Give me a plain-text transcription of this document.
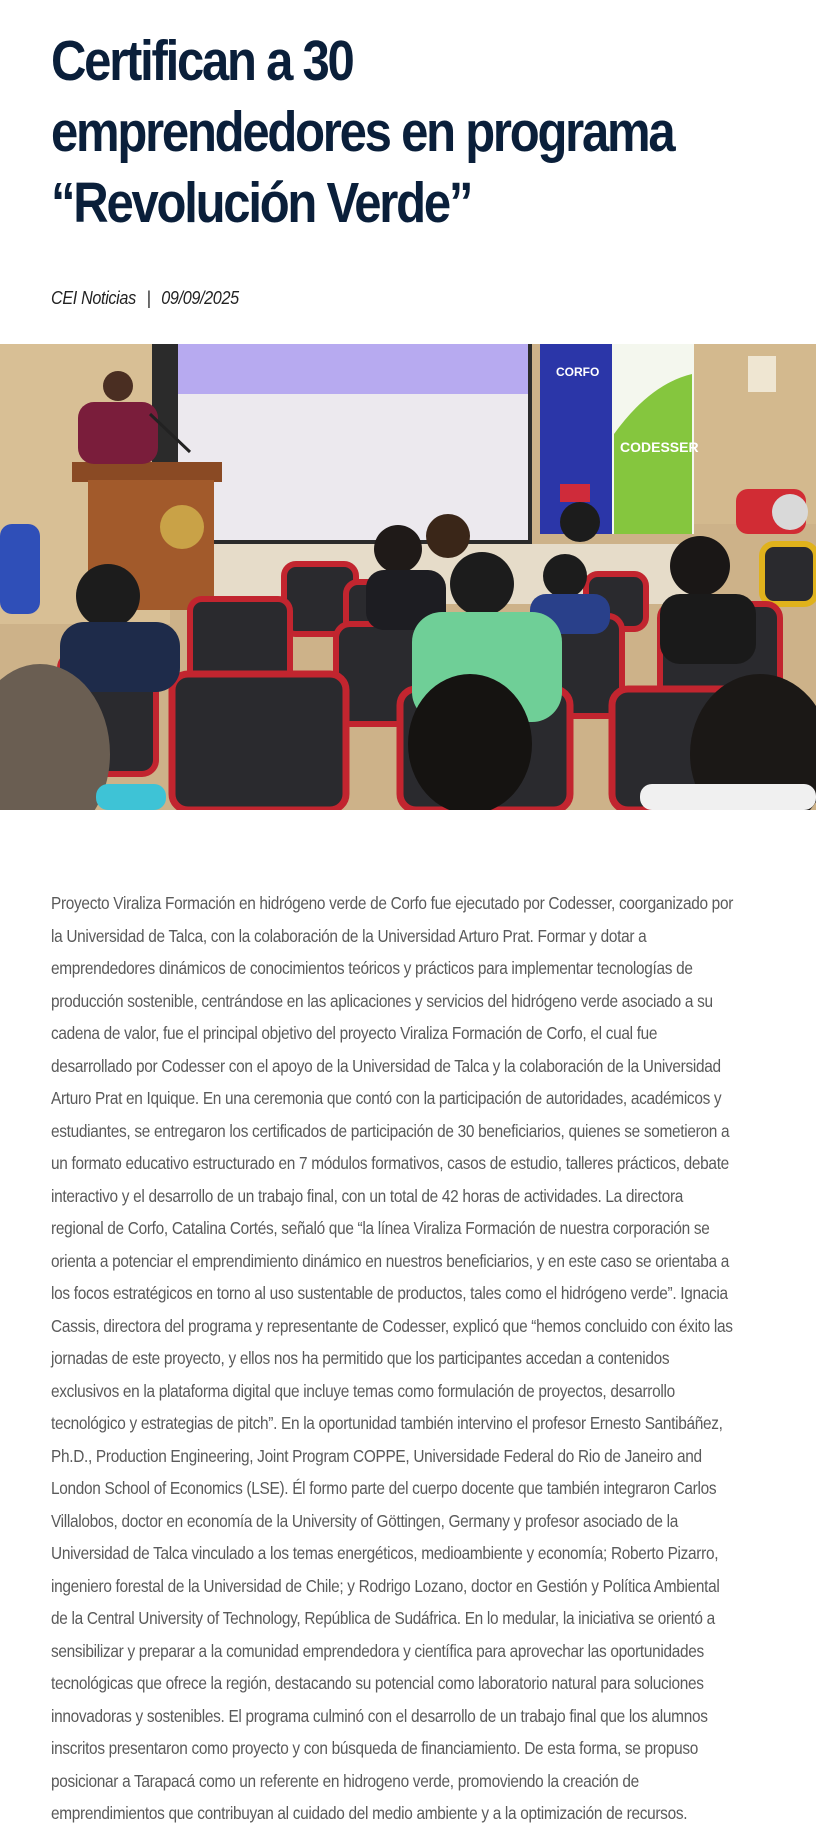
Certifican a 30 emprendedores en programa “Revolución Verde”
CEI Noticias | 09/09/2025
CORFO
CODESSER

Proyecto Viraliza Formación en hidrógeno verde de Corfo fue ejecutado por Codesser, coorganizado por la Universidad de Talca, con la colaboración de la Universidad Arturo Prat. Formar y dotar a emprendedores dinámicos de conocimientos teóricos y prácticos para implementar tecnologías de producción sostenible, centrándose en las aplicaciones y servicios del hidrógeno verde asociado a su cadena de valor, fue el principal objetivo del proyecto Viraliza Formación de Corfo, el cual fue desarrollado por Codesser con el apoyo de la Universidad de Talca y la colaboración de la Universidad Arturo Prat en Iquique. En una ceremonia que contó con la participación de autoridades, académicos y estudiantes, se entregaron los certificados de participación de 30 beneficiarios, quienes se sometieron a un formato educativo estructurado en 7 módulos formativos, casos de estudio, talleres prácticos, debate interactivo y el desarrollo de un trabajo final, con un total de 42 horas de actividades. La directora regional de Corfo, Catalina Cortés, señaló que “la línea Viraliza Formación de nuestra corporación se orienta a potenciar el emprendimiento dinámico en nuestros beneficiarios, y en este caso se orientaba a los focos estratégicos en torno al uso sustentable de productos, tales como el hidrógeno verde”. Ignacia Cassis, directora del programa y representante de Codesser, explicó que “hemos concluido con éxito las jornadas de este proyecto, y ellos nos ha permitido que los participantes accedan a contenidos exclusivos en la plataforma digital que incluye temas como formulación de proyectos, desarrollo tecnológico y estrategias de pitch”. En la oportunidad también intervino el profesor Ernesto Santibáñez, Ph.D., Production Engineering, Joint Program COPPE, Universidade Federal do Rio de Janeiro and London School of Economics (LSE). Él formo parte del cuerpo docente que también integraron Carlos Villalobos, doctor en economía de la University of Göttingen, Germany y profesor asociado de la Universidad de Talca vinculado a los temas energéticos, medioambiente y economía; Roberto Pizarro, ingeniero forestal de la Universidad de Chile; y Rodrigo Lozano, doctor en Gestión y Política Ambiental de la Central University of Technology, República de Sudáfrica. En lo medular, la iniciativa se orientó a sensibilizar y preparar a la comunidad emprendedora y científica para aprovechar las oportunidades tecnológicas que ofrece la región, destacando su potencial como laboratorio natural para soluciones innovadoras y sostenibles. El programa culminó con el desarrollo de un trabajo final que los alumnos inscritos presentaron como proyecto y con búsqueda de financiamiento. De esta forma, se propuso posicionar a Tarapacá como un referente en hidrogeno verde, promoviendo la creación de emprendimientos que contribuyan al cuidado del medio ambiente y a la optimización de recursos.
